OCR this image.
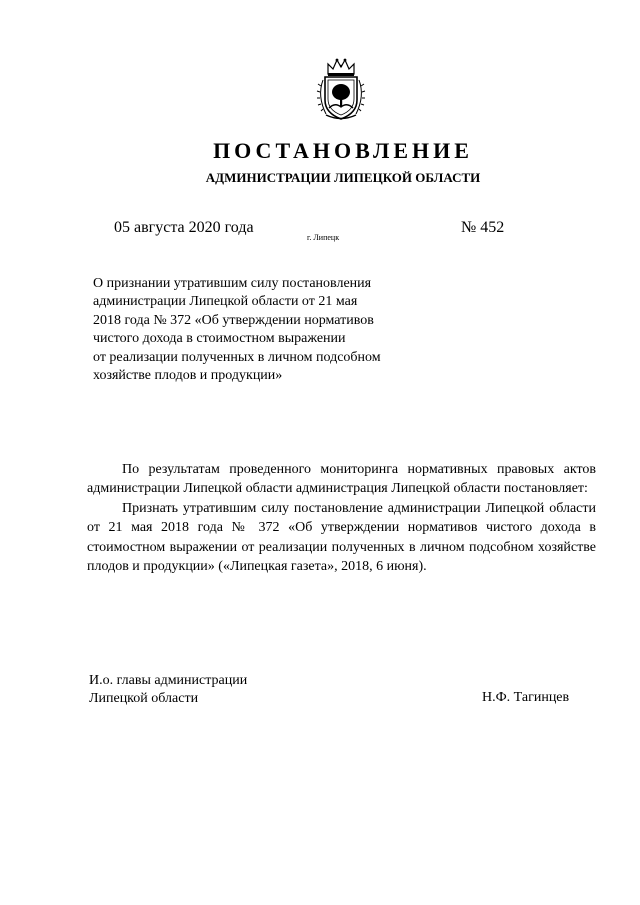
ПОСТАНОВЛЕНИЕ
АДМИНИСТРАЦИИ ЛИПЕЦКОЙ ОБЛАСТИ
05 августа 2020 года
г. Липецк
№ 452
О признании утратившим силу постановления
администрации Липецкой области от 21 мая
2018 года № 372 «Об утверждении нормативов
чистого дохода в стоимостном выражении
от реализации полученных в личном подсобном
хозяйстве плодов и продукции»

По результатам проведенного мониторинга нормативных правовых актов администрации Липецкой области администрация Липецкой области постановляет:

Признать утратившим силу постановление администрации Липецкой области от 21 мая 2018 года № 372 «Об утверждении нормативов чистого дохода в стоимостном выражении от реализации полученных в личном подсобном хозяйстве плодов и продукции» («Липецкая газета», 2018, 6 июня).

И.о. главы администрации
Липецкой области	Н.Ф. Тагинцев
